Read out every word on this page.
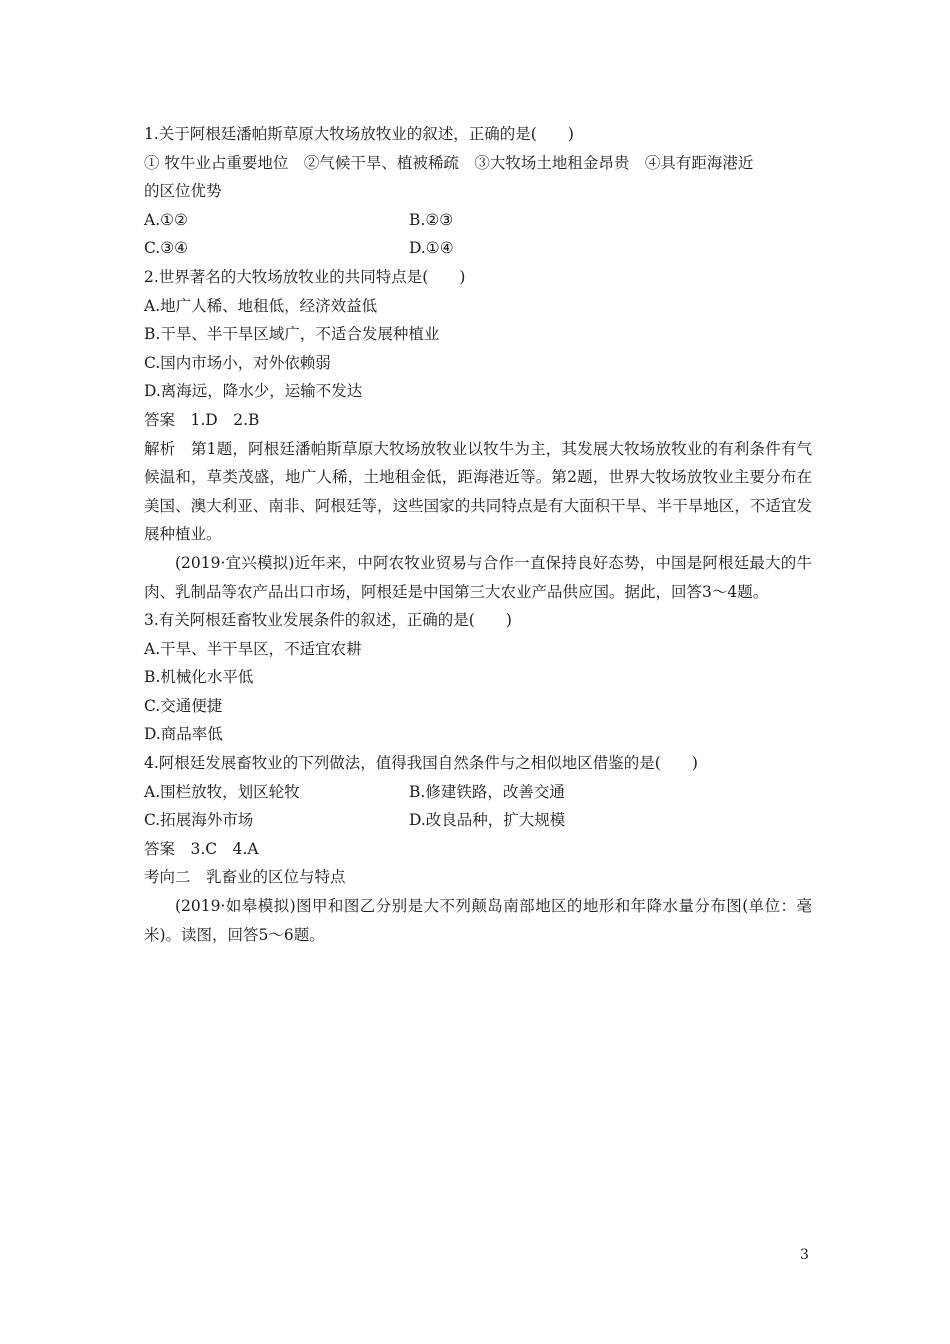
1.关于阿根廷潘帕斯草原大牧场放牧业的叙述，正确的是(　　)

① 牧牛业占重要地位　②气候干旱、植被稀疏　③大牧场土地租金昂贵　④具有距海港近

的区位优势

A.①②	B.②③
C.③④	D.①④

2.世界著名的大牧场放牧业的共同特点是(　　)

A.地广人稀、地租低，经济效益低

B.干旱、半干旱区域广，不适合发展种植业

C.国内市场小，对外依赖弱

D.离海远，降水少，运输不发达

答案　1.D　2.B

解析　第1题，阿根廷潘帕斯草原大牧场放牧业以牧牛为主，其发展大牧场放牧业的有利条件有气候温和，草类茂盛，地广人稀，土地租金低，距海港近等。第2题，世界大牧场放牧业主要分布在美国、澳大利亚、南非、阿根廷等，这些国家的共同特点是有大面积干旱、半干旱地区，不适宜发展种植业。

(2019·宜兴模拟)近年来，中阿农牧业贸易与合作一直保持良好态势，中国是阿根廷最大的牛肉、乳制品等农产品出口市场，阿根廷是中国第三大农业产品供应国。据此，回答3～4题。

3.有关阿根廷畜牧业发展条件的叙述，正确的是(　　)

A.干旱、半干旱区，不适宜农耕

B.机械化水平低

C.交通便捷

D.商品率低

4.阿根廷发展畜牧业的下列做法，值得我国自然条件与之相似地区借鉴的是(　　)

A.围栏放牧，划区轮牧	B.修建铁路，改善交通
C.拓展海外市场	D.改良品种，扩大规模

答案　3.C　4.A

考向二　乳畜业的区位与特点

(2019·如皋模拟)图甲和图乙分别是大不列颠岛南部地区的地形和年降水量分布图(单位：毫米)。读图，回答5～6题。

3
